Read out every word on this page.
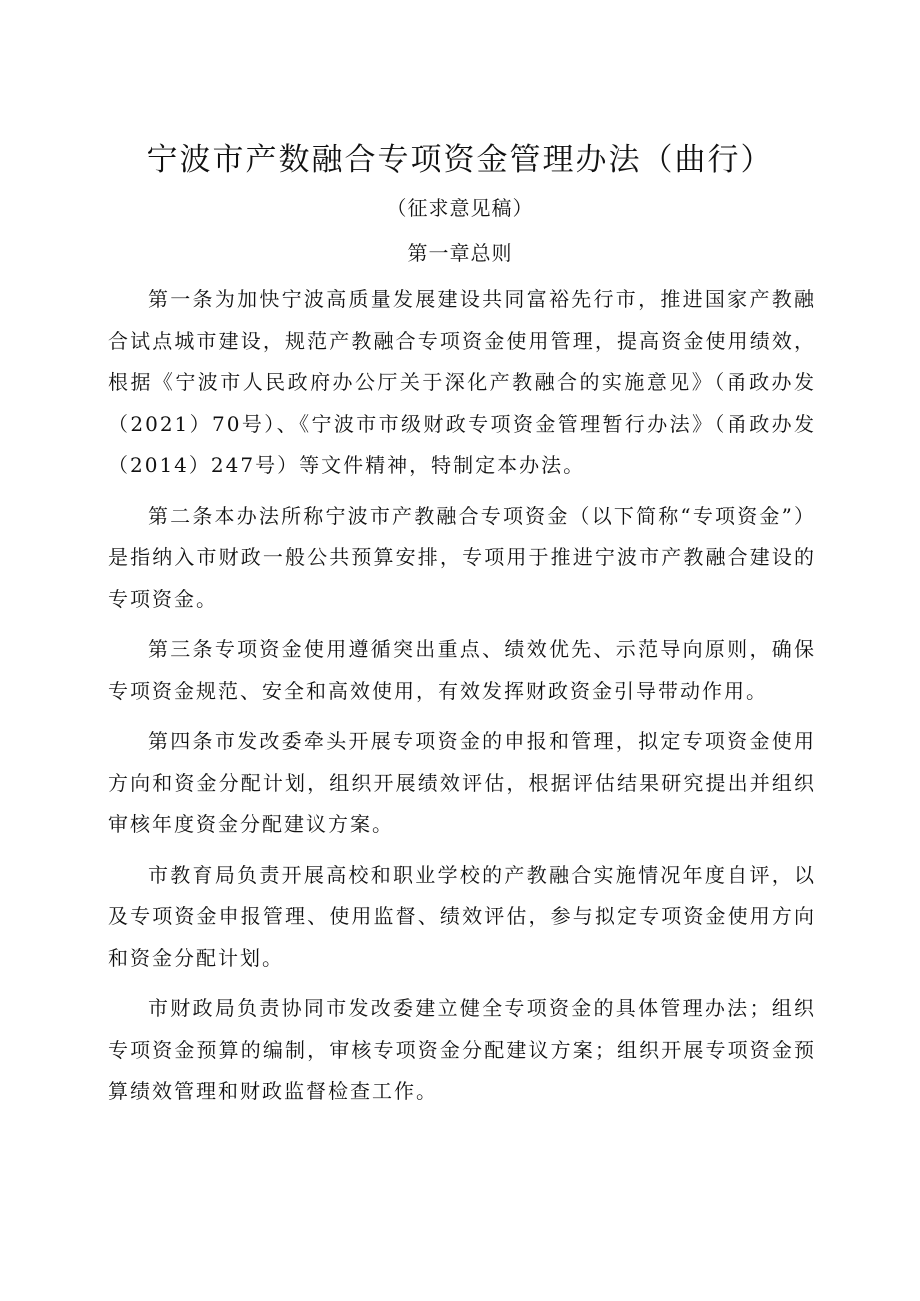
宁波市产数融合专项资金管理办法（曲行）
（征求意见稿）
第一章总则

第一条为加快宁波高质量发展建设共同富裕先行市，推进国家产教融合试点城市建设，规范产教融合专项资金使用管理，提高资金使用绩效，根据《宁波市人民政府办公厅关于深化产教融合的实施意见》（甬政办发（2021）70号）、《宁波市市级财政专项资金管理暂行办法》（甬政办发（2014）247号）等文件精神，特制定本办法。

第二条本办法所称宁波市产教融合专项资金（以下简称“专项资金”）是指纳入市财政一般公共预算安排，专项用于推进宁波市产教融合建设的专项资金。

第三条专项资金使用遵循突出重点、绩效优先、示范导向原则，确保专项资金规范、安全和高效使用，有效发挥财政资金引导带动作用。

第四条市发改委牵头开展专项资金的申报和管理，拟定专项资金使用方向和资金分配计划，组织开展绩效评估，根据评估结果研究提出并组织审核年度资金分配建议方案。

市教育局负责开展高校和职业学校的产教融合实施情况年度自评，以及专项资金申报管理、使用监督、绩效评估，参与拟定专项资金使用方向和资金分配计划。

市财政局负责协同市发改委建立健全专项资金的具体管理办法；组织专项资金预算的编制，审核专项资金分配建议方案；组织开展专项资金预算绩效管理和财政监督检查工作。
